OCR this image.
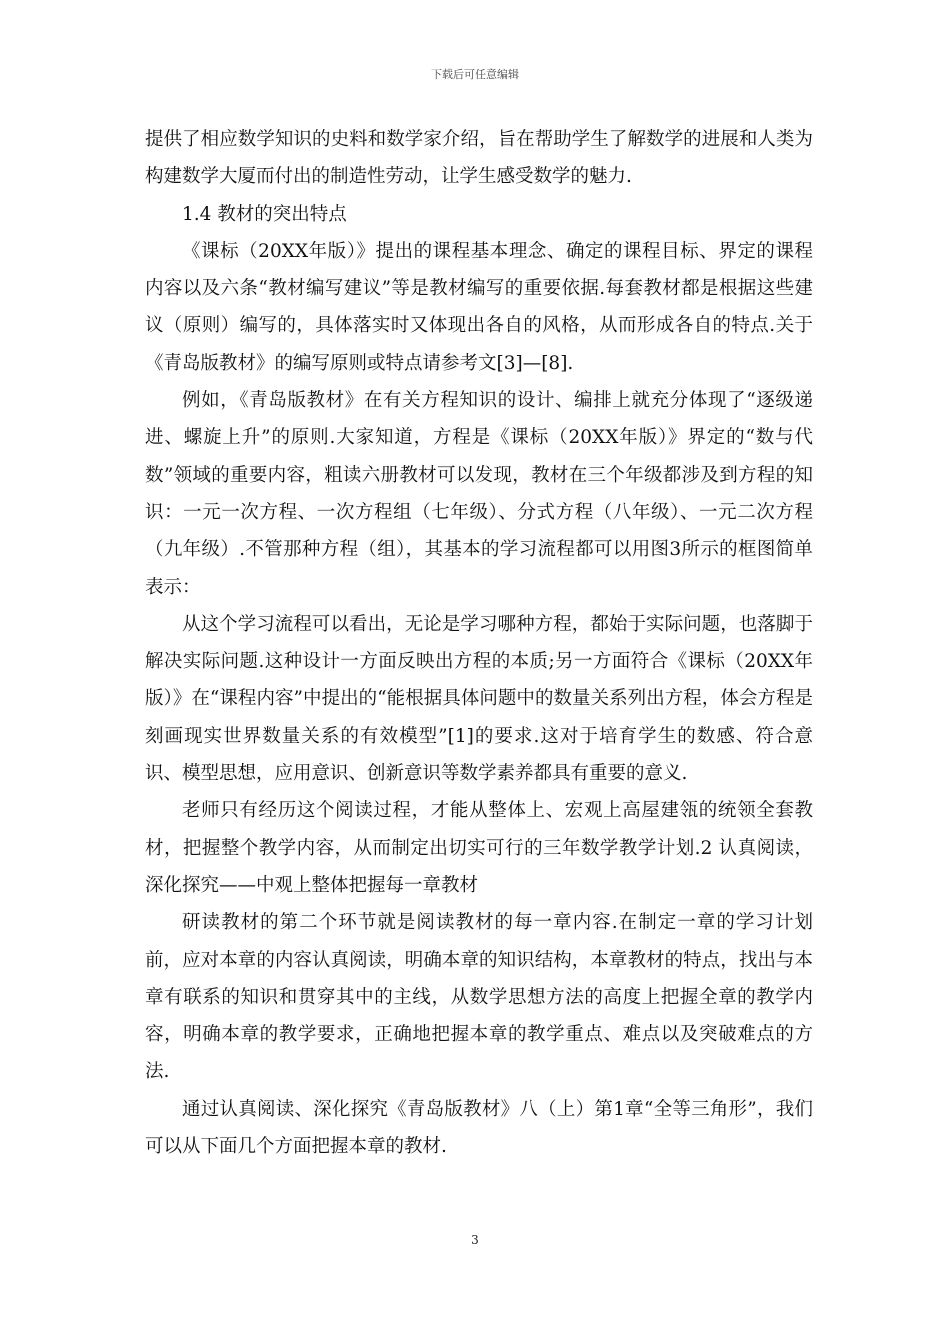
下载后可任意编辑

提供了相应数学知识的史料和数学家介绍，旨在帮助学生了解数学的进展和人类为构建数学大厦而付出的制造性劳动，让学生感受数学的魅力.

1.4 教材的突出特点

《课标（20XX年版）》提出的课程基本理念、确定的课程目标、界定的课程内容以及六条“教材编写建议”等是教材编写的重要依据.每套教材都是根据这些建议（原则）编写的，具体落实时又体现出各自的风格，从而形成各自的特点.关于《青岛版教材》的编写原则或特点请参考文[3]—[8].

例如，《青岛版教材》在有关方程知识的设计、编排上就充分体现了“逐级递进、螺旋上升”的原则.大家知道，方程是《课标（20XX年版）》界定的“数与代数”领域的重要内容，粗读六册教材可以发现，教材在三个年级都涉及到方程的知识：一元一次方程、一次方程组（七年级）、分式方程（八年级）、一元二次方程（九年级）.不管那种方程（组），其基本的学习流程都可以用图3所示的框图简单表示：

从这个学习流程可以看出，无论是学习哪种方程，都始于实际问题，也落脚于解决实际问题.这种设计一方面反映出方程的本质;另一方面符合《课标（20XX年版）》在“课程内容”中提出的“能根据具体问题中的数量关系列出方程，体会方程是刻画现实世界数量关系的有效模型”[1]的要求.这对于培育学生的数感、符合意识、模型思想，应用意识、创新意识等数学素养都具有重要的意义.

老师只有经历这个阅读过程，才能从整体上、宏观上高屋建瓴的统领全套教材，把握整个教学内容，从而制定出切实可行的三年数学教学计划.2 认真阅读，深化探究——中观上整体把握每一章教材

研读教材的第二个环节就是阅读教材的每一章内容.在制定一章的学习计划前，应对本章的内容认真阅读，明确本章的知识结构，本章教材的特点，找出与本章有联系的知识和贯穿其中的主线，从数学思想方法的高度上把握全章的教学内容，明确本章的教学要求，正确地把握本章的教学重点、难点以及突破难点的方法.

通过认真阅读、深化探究《青岛版教材》八（上）第1章“全等三角形”，我们可以从下面几个方面把握本章的教材.

3
